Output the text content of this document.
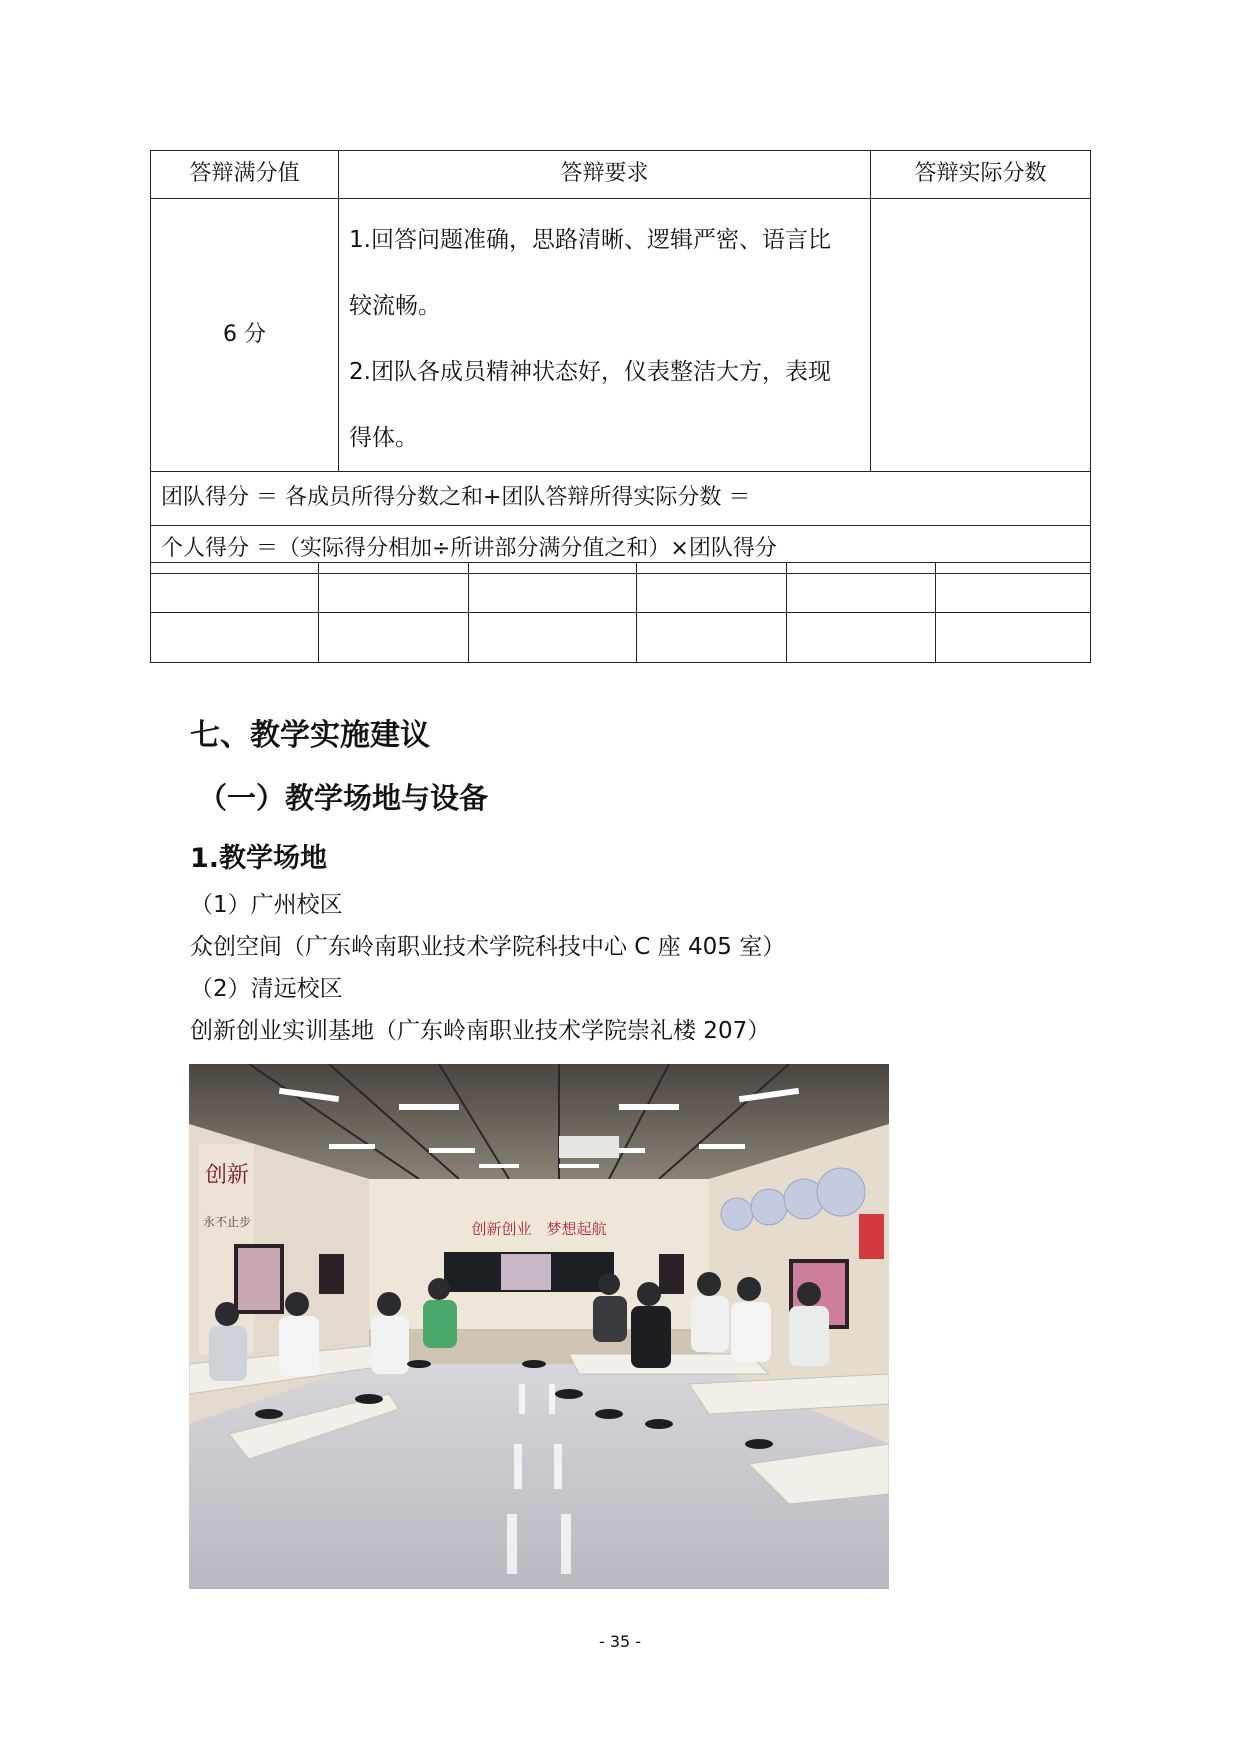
答辩满分值	答辩要求	答辩实际分数
6 分	1.回答问题准确，思路清晰、逻辑严密、语言比

较流畅。

2.团队各成员精神状态好，仪表整洁大方，表现

得体。	

团队得分 ＝ 各成员所得分数之和+团队答辩所得实际分数 ＝		
个人得分 ＝（实际得分相加÷所讲部分满分值之和）×团队得分		

七、教学实施建议
（一）教学场地与设备
1.教学场地

（1）广州校区

众创空间（广东岭南职业技术学院科技中心 C 座 405 室）

（2）清远校区

创新创业实训基地（广东岭南职业技术学院崇礼楼 207）

创新创业　梦想起航
创新
永不止步
- 35 -
